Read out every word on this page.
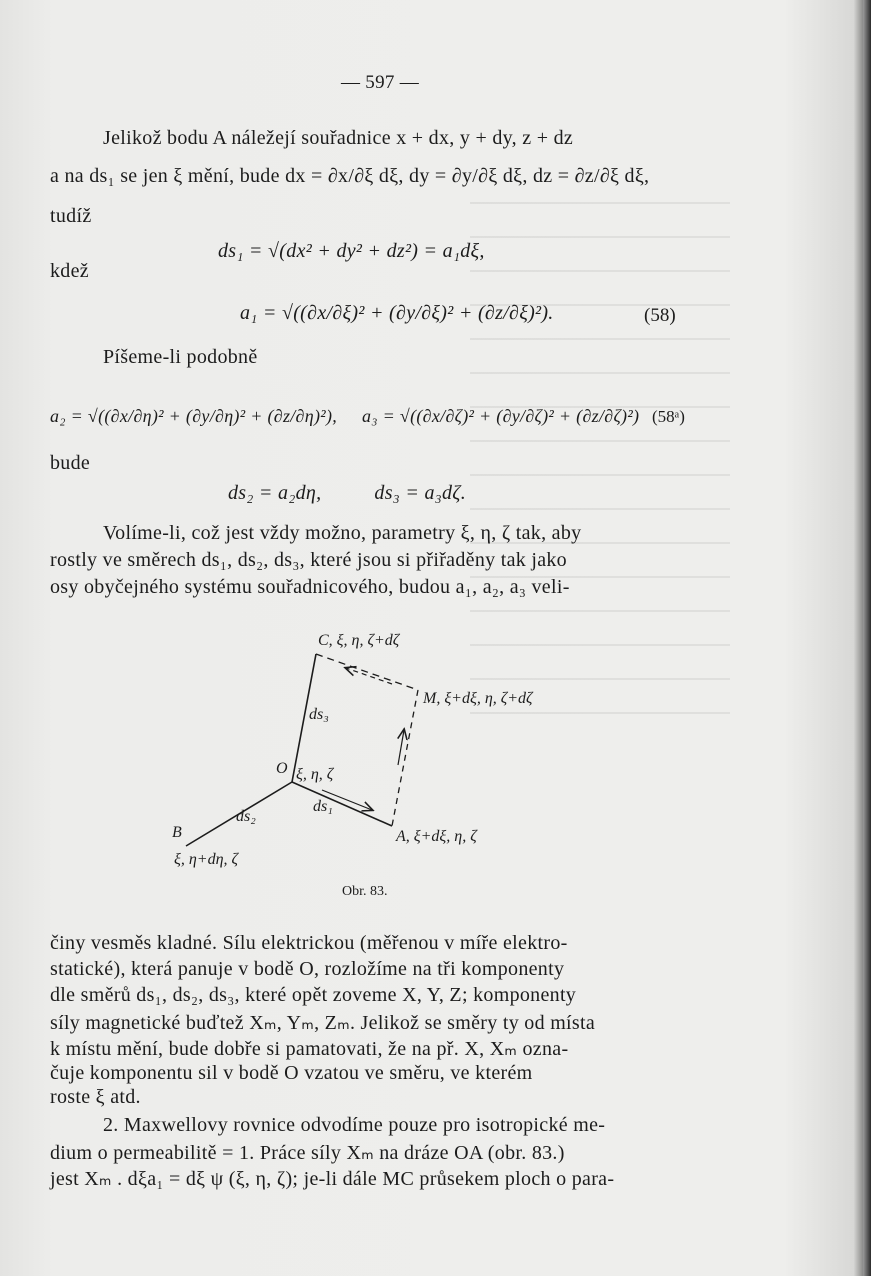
— 597 —
Jelikož bodu A náležejí souřadnice x + dx, y + dy, z + dz
a na ds₁ se jen ξ mění, bude dx = ∂x/∂ξ dξ, dy = ∂y/∂ξ dξ, dz = ∂z/∂ξ dξ,
tudíž
ds₁ = √(dx² + dy² + dz²) = a₁dξ,
kdež
a₁ = √((∂x/∂ξ)² + (∂y/∂ξ)² + (∂z/∂ξ)²).	(58)
Píšeme-li podobně
a₂ = √((∂x/∂η)² + (∂y/∂η)² + (∂z/∂η)²), a₃ = √((∂x/∂ζ)² + (∂y/∂ζ)² + (∂z/∂ζ)²) (58ᵃ)
bude
ds₂ = a₂dη,          ds₃ = a₃dζ.
Volíme-li, což jest vždy možno, parametry ξ, η, ζ tak, aby
rostly ve směrech ds₁, ds₂, ds₃, které jsou si přiřaděny tak jako
osy obyčejného systému souřadnicového, budou a₁, a₂, a₃ veli-
C, ξ, η, ζ+dζ
M, ξ+dξ, η, ζ+dζ
ds₃
O ξ, η, ζ
ds₁
ds₂
B	A, ξ+dξ, η, ζ
ξ, η+dη, ζ
Obr. 83.
činy vesměs kladné. Sílu elektrickou (měřenou v míře elektro-
statické), která panuje v bodě O, rozložíme na tři komponenty
dle směrů ds₁, ds₂, ds₃, které opět zoveme X, Y, Z; komponenty
síly magnetické buďtež Xₘ, Yₘ, Zₘ. Jelikož se směry ty od místa
k místu mění, bude dobře si pamatovati, že na př. X, Xₘ ozna-
čuje komponentu sil v bodě O vzatou ve směru, ve kterém
roste ξ atd.
2. Maxwellovy rovnice odvodíme pouze pro isotropické me-
dium o permeabilitě = 1. Práce síly Xₘ na dráze OA (obr. 83.)
jest Xₘ . dξa₁ = dξ ψ (ξ, η, ζ); je-li dále MC průsekem ploch o para-
